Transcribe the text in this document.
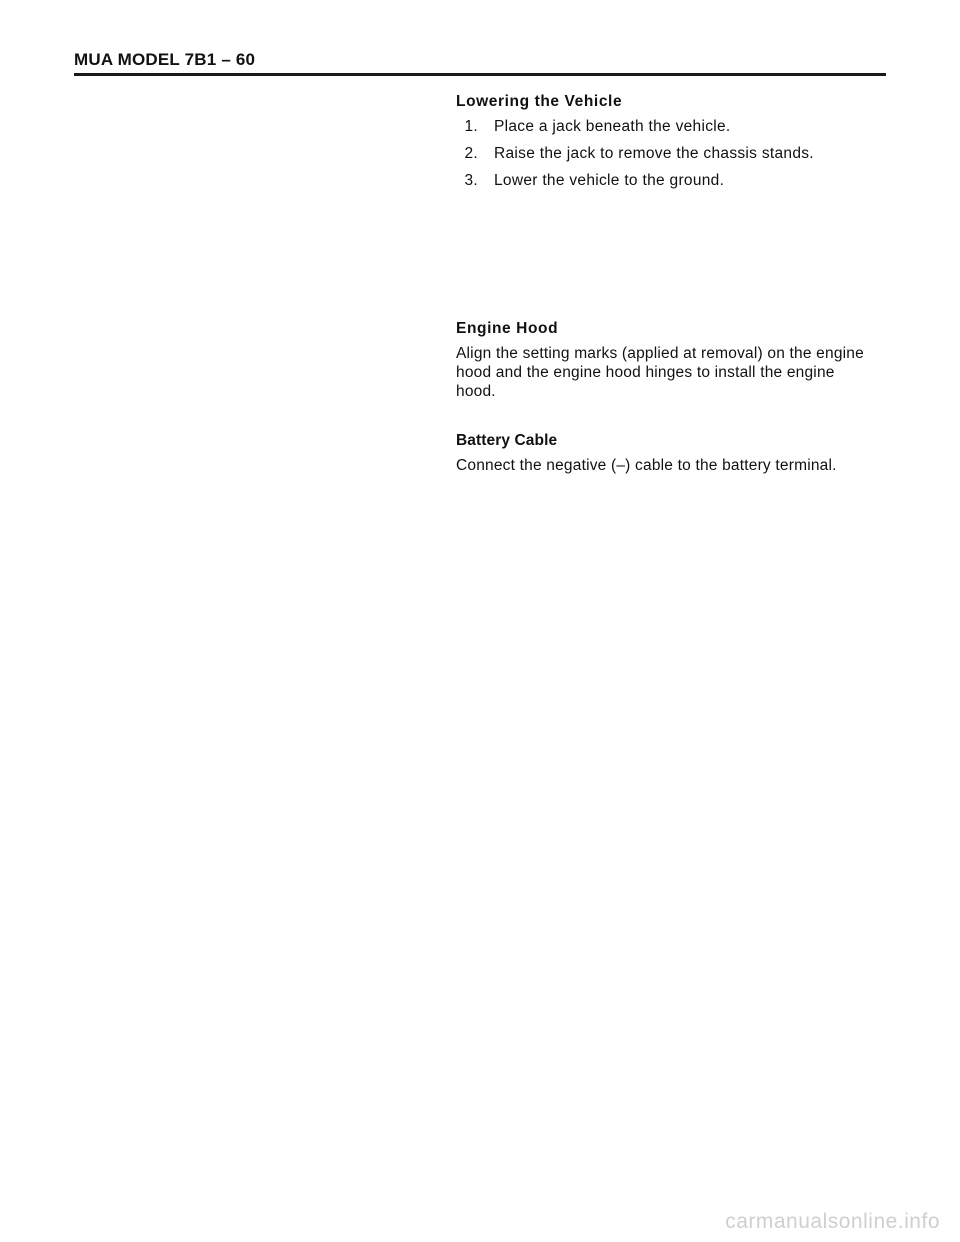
MUA MODEL 7B1 – 60
Lowering the Vehicle
1. Place a jack beneath the vehicle.
2. Raise the jack to remove the chassis stands.
3. Lower the vehicle to the ground.
Engine Hood

Align the setting marks (applied at removal) on the engine hood and the engine hood hinges to install the engine hood.

Battery Cable

Connect the negative (–) cable to the battery terminal.

carmanualsonline.info
